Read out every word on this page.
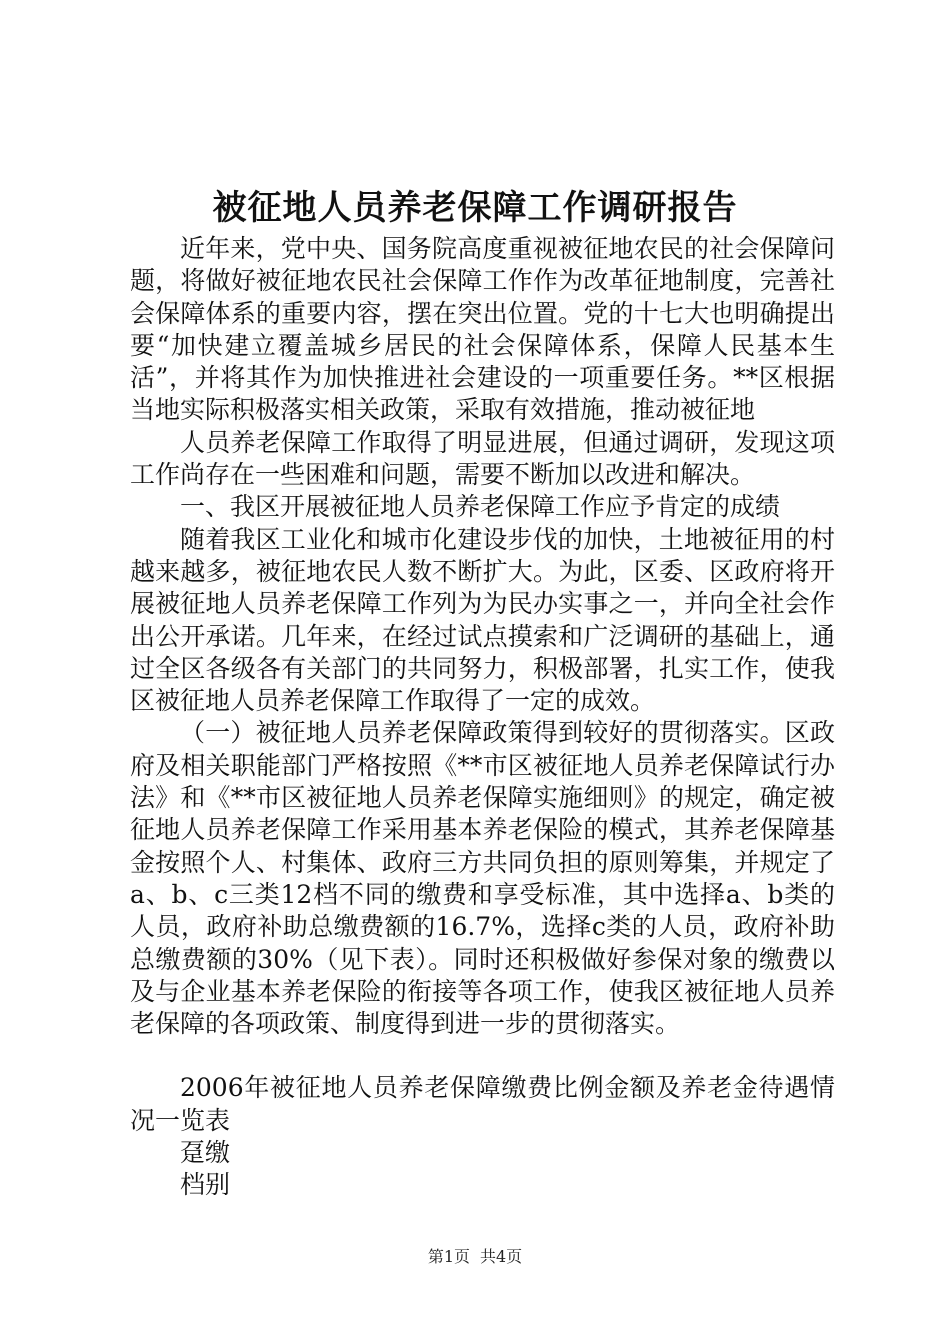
被征地人员养老保障工作调研报告

近年来，党中央、国务院高度重视被征地农民的社会保障问题，将做好被征地农民社会保障工作作为改革征地制度，完善社会保障体系的重要内容，摆在突出位置。党的十七大也明确提出要“加快建立覆盖城乡居民的社会保障体系，保障人民基本生活”，并将其作为加快推进社会建设的一项重要任务。**区根据当地实际积极落实相关政策，采取有效措施，推动被征地

人员养老保障工作取得了明显进展，但通过调研，发现这项工作尚存在一些困难和问题，需要不断加以改进和解决。

一、我区开展被征地人员养老保障工作应予肯定的成绩

随着我区工业化和城市化建设步伐的加快，土地被征用的村越来越多，被征地农民人数不断扩大。为此，区委、区政府将开展被征地人员养老保障工作列为为民办实事之一，并向全社会作出公开承诺。几年来，在经过试点摸索和广泛调研的基础上，通过全区各级各有关部门的共同努力，积极部署，扎实工作，使我区被征地人员养老保障工作取得了一定的成效。

（一）被征地人员养老保障政策得到较好的贯彻落实。区政府及相关职能部门严格按照《**市区被征地人员养老保障试行办法》和《**市区被征地人员养老保障实施细则》的规定，确定被征地人员养老保障工作采用基本养老保险的模式，其养老保障基金按照个人、村集体、政府三方共同负担的原则筹集，并规定了a、b、c三类12档不同的缴费和享受标准，其中选择a、b类的人员，政府补助总缴费额的16.7%，选择c类的人员，政府补助总缴费额的30%（见下表）。同时还积极做好参保对象的缴费以及与企业基本养老保险的衔接等各项工作，使我区被征地人员养老保障的各项政策、制度得到进一步的贯彻落实。

2006年被征地人员养老保障缴费比例金额及养老金待遇情况一览表

趸缴

档别

第1页 共4页
